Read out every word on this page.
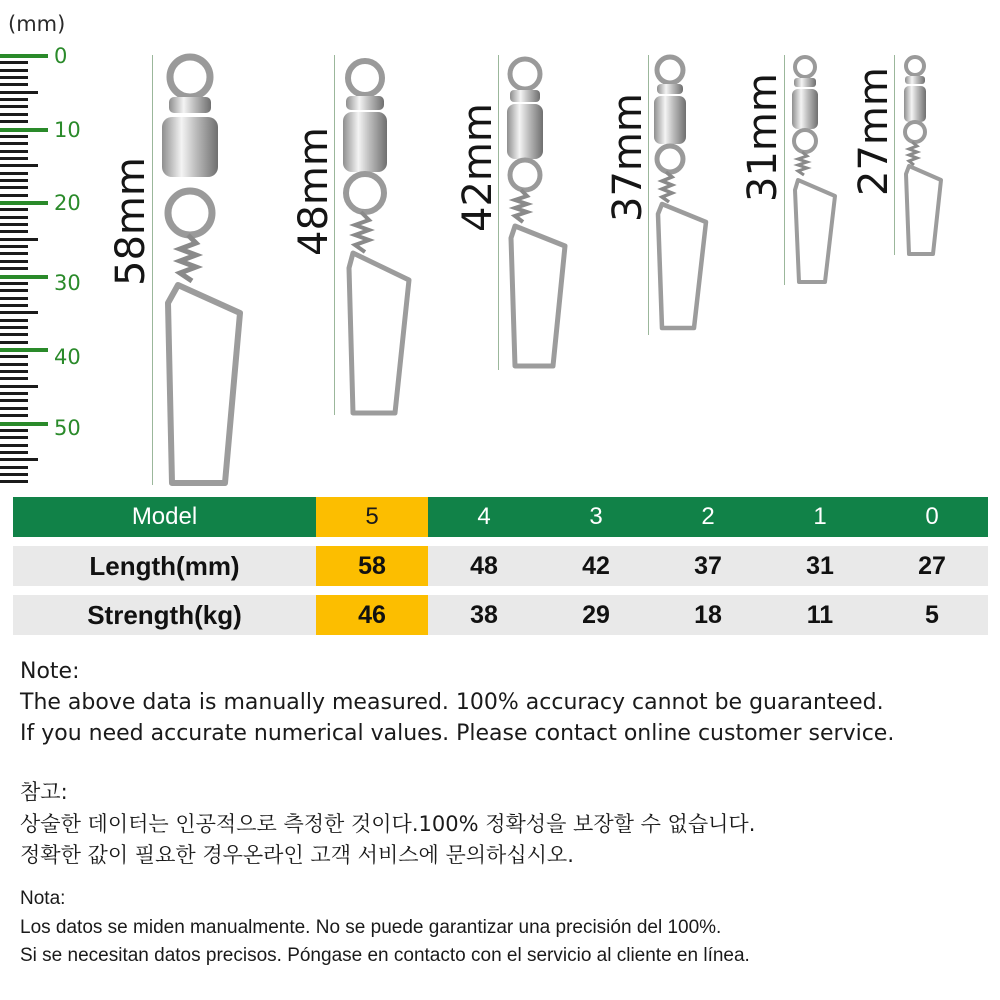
(mm)
0
10
20
30
40
50
58mm	48mm	42mm	37mm 31mm 27mm
Model	5	4	3	2	1	0
Length(mm)	58	48	42	37	31	27
Strength(kg)	46	38	29	18	11	5
Note:
The above data is manually measured. 100% accuracy cannot be guaranteed.
If you need accurate numerical values. Please contact online customer service.
참고:
상술한 데이터는 인공적으로 측정한 것이다.100% 정확성을 보장할 수 없습니다.
정확한 값이 필요한 경우온라인 고객 서비스에 문의하십시오.
Nota:
Los datos se miden manualmente. No se puede garantizar una precisión del 100%.
Si se necesitan datos precisos. Póngase en contacto con el servicio al cliente en línea.
